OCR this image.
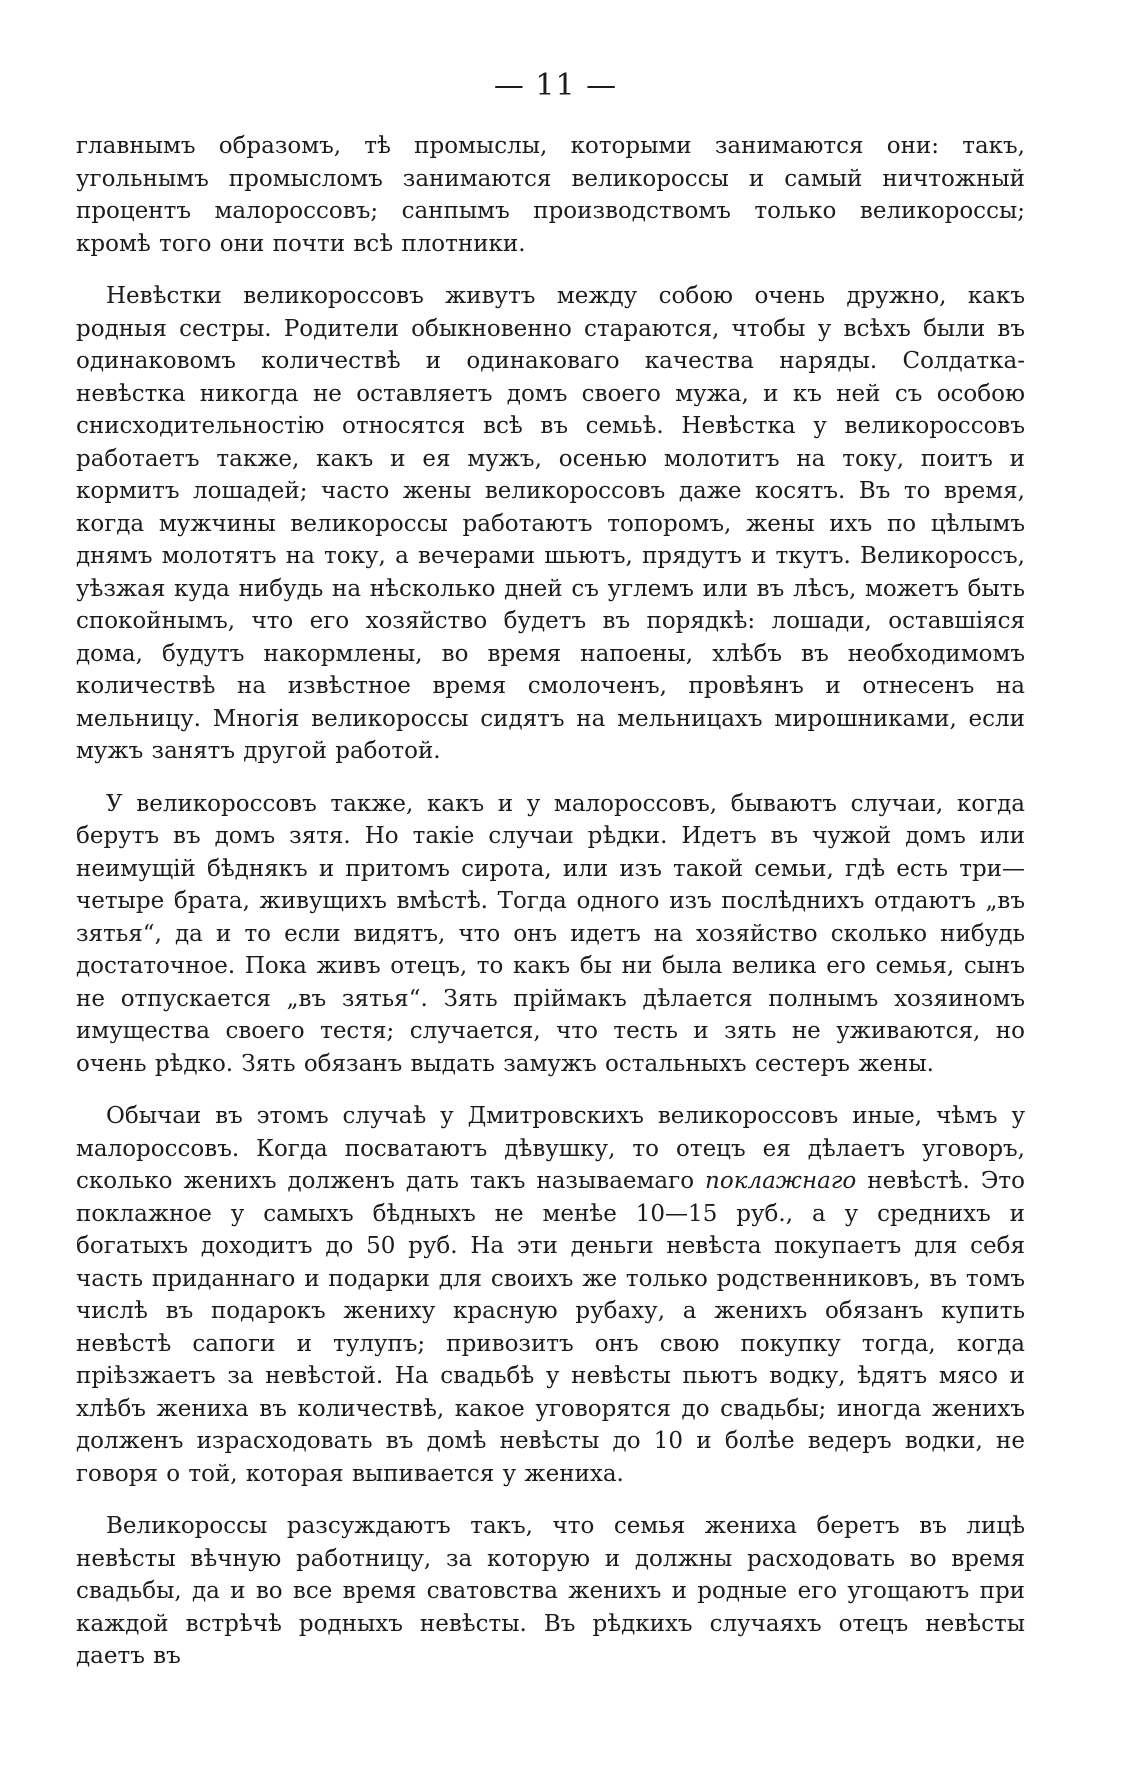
— 11 —

главнымъ образомъ, тѣ промыслы, которыми занимаются они: такъ, угольнымъ промысломъ занимаются великороссы и самый ничтожный процентъ малороссовъ; санпымъ производствомъ только великороссы; кромѣ того они почти всѣ плотники.

Невѣстки великороссовъ живутъ между собою очень дружно, какъ родныя сестры. Родители обыкновенно стараются, чтобы у всѣхъ были въ одинаковомъ количествѣ и одинаковаго качества наряды. Солдатка-невѣстка никогда не оставляетъ домъ своего мужа, и къ ней съ особою снисходительностію относятся всѣ въ семьѣ. Невѣстка у великороссовъ работаетъ также, какъ и ея мужъ, осенью молотитъ на току, поитъ и кормитъ лошадей; часто жены великороссовъ даже косятъ. Въ то время, когда мужчины великороссы работаютъ топоромъ, жены ихъ по цѣлымъ днямъ молотятъ на току, а вечерами шьютъ, прядутъ и ткутъ. Великороссъ, уѣзжая куда нибудь на нѣсколько дней съ углемъ или въ лѣсъ, можетъ быть спокойнымъ, что его хозяйство будетъ въ порядкѣ: лошади, оставшіяся дома, будутъ накормлены, во время напоены, хлѣбъ въ необходимомъ количествѣ на извѣстное время смолоченъ, провѣянъ и отнесенъ на мельницу. Многія великороссы сидятъ на мельницахъ мирошниками, если мужъ занятъ другой работой.

У великороссовъ также, какъ и у малороссовъ, бываютъ случаи, когда берутъ въ домъ зятя. Но такіе случаи рѣдки. Идетъ въ чужой домъ или неимущій бѣднякъ и притомъ сирота, или изъ такой семьи, гдѣ есть три—четыре брата, живущихъ вмѣстѣ. Тогда одного изъ послѣднихъ отдаютъ „въ зятья“, да и то если видятъ, что онъ идетъ на хозяйство сколько нибудь достаточное. Пока живъ отецъ, то какъ бы ни была велика его семья, сынъ не отпускается „въ зятья“. Зять прiймакъ дѣлается полнымъ хозяиномъ имущества своего тестя; случается, что тесть и зять не уживаются, но очень рѣдко. Зять обязанъ выдать замужъ остальныхъ сестеръ жены.

Обычаи въ этомъ случаѣ у Дмитровскихъ великороссовъ иные, чѣмъ у малороссовъ. Когда посватаютъ дѣвушку, то отецъ ея дѣлаетъ уговоръ, сколько женихъ долженъ дать такъ называемаго поклажнаго невѣстѣ. Это поклажное у самыхъ бѣдныхъ не менѣе 10—15 руб., а у среднихъ и богатыхъ доходитъ до 50 руб. На эти деньги невѣста покупаетъ для себя часть приданнаго и подарки для своихъ же только родственниковъ, въ томъ числѣ въ подарокъ жениху красную рубаху, а женихъ обязанъ купить невѣстѣ сапоги и тулупъ; привозитъ онъ свою покупку тогда, когда пріѣзжаетъ за невѣстой. На свадьбѣ у невѣсты пьютъ водку, ѣдятъ мясо и хлѣбъ жениха въ количествѣ, какое уговорятся до свадьбы; иногда женихъ долженъ израсходовать въ домѣ невѣсты до 10 и болѣе ведеръ водки, не говоря о той, которая выпивается у жениха.

Великороссы разсуждаютъ такъ, что семья жениха беретъ въ лицѣ невѣсты вѣчную работницу, за которую и должны расходовать во время свадьбы, да и во все время сватовства женихъ и родные его угощаютъ при каждой встрѣчѣ родныхъ невѣсты. Въ рѣдкихъ случаяхъ отецъ невѣсты даетъ въ
